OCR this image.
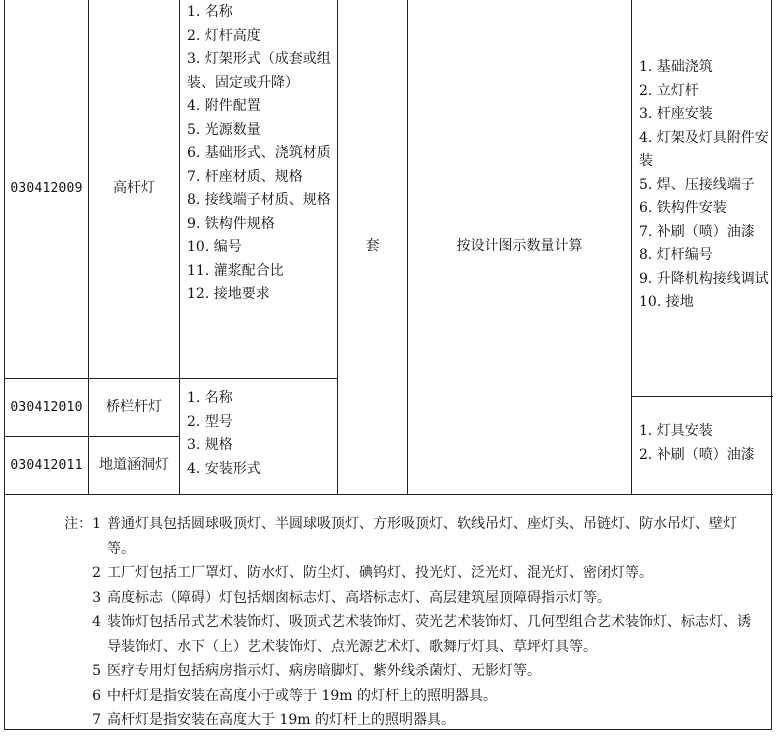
030412009 高杆灯
1. 名称
2. 灯杆高度
3. 灯架形式（成套或组装、固定或升降）
4. 附件配置
5. 光源数量
6. 基础形式、浇筑材质
7. 杆座材质、规格
8. 接线端子材质、规格
9. 铁构件规格
10. 编号
11. 灌浆配合比
12. 接地要求
套	按设计图示数量计算
1. 基础浇筑
2. 立灯杆
3. 杆座安装
4. 灯架及灯具附件安装
5. 焊、压接线端子
6. 铁构件安装
7. 补刷（喷）油漆
8. 灯杆编号
9. 升降机构接线调试
10. 接地
030412010 桥栏杆灯
030412011 地道涵洞灯
1. 名称
2. 型号
3. 规格
4. 安装形式
1. 灯具安装
2. 补刷（喷）油漆
注：1 普通灯具包括圆球吸顶灯、半圆球吸顶灯、方形吸顶灯、软线吊灯、座灯头、吊链灯、防水吊灯、壁灯等。
2 工厂灯包括工厂罩灯、防水灯、防尘灯、碘钨灯、投光灯、泛光灯、混光灯、密闭灯等。
3 高度标志（障碍）灯包括烟囱标志灯、高塔标志灯、高层建筑屋顶障碍指示灯等。
4 装饰灯包括吊式艺术装饰灯、吸顶式艺术装饰灯、荧光艺术装饰灯、几何型组合艺术装饰灯、标志灯、诱导装饰灯、水下（上）艺术装饰灯、点光源艺术灯、歌舞厅灯具、草坪灯具等。
5 医疗专用灯包括病房指示灯、病房暗脚灯、紫外线杀菌灯、无影灯等。
6 中杆灯是指安装在高度小于或等于 19m 的灯杆上的照明器具。
7 高杆灯是指安装在高度大于 19m 的灯杆上的照明器具。
